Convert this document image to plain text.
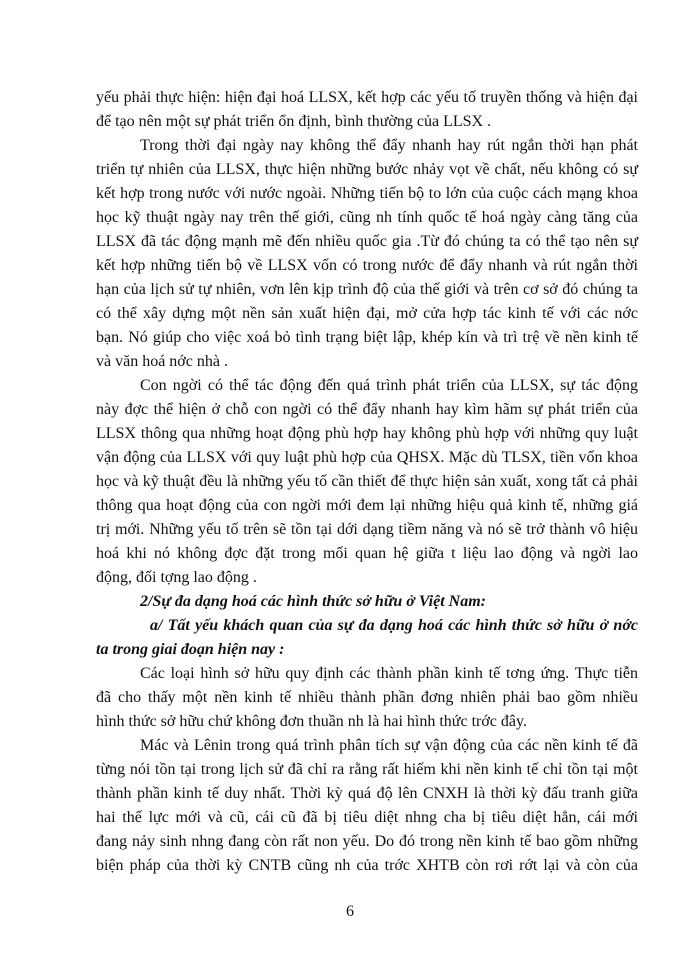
yếu phải thực hiện: hiện đại hoá LLSX, kết hợp các yếu tố truyền thống và hiện đại
để tạo nên một sự phát triển ổn định, bình thường của LLSX .
Trong thời đại ngày nay không thể đẩy nhanh hay rút ngắn thời hạn phát
triển tự nhiên của LLSX, thực hiện những bước nhảy vọt về chất, nếu không có sự
kết hợp trong nước với nước ngoài. Những tiến bộ to lớn của cuộc cách mạng khoa
học kỹ thuật ngày nay trên thế giới, cũng nh tính quốc tế hoá ngày càng tăng của
LLSX đã tác động mạnh mẽ đến nhiều quốc gia .Từ đó chúng ta có thể tạo nên sự
kết hợp những tiến bộ về LLSX vốn có trong nước để đẩy nhanh và rút ngắn thời
hạn của lịch sử tự nhiên, vơn lên kịp trình độ của thế giới và trên cơ sở đó chúng ta
có thể xây dựng một nền sản xuất hiện đại, mở cửa hợp tác kinh tế với các nớc
bạn. Nó giúp cho việc xoá bỏ tình trạng biệt lập, khép kín và trì trệ về nền kinh tế
và văn hoá nớc nhà .
Con ngời có thể tác động đến quá trình phát triển của LLSX, sự tác động
này đợc thể hiện ở chỗ con ngời có thể đẩy nhanh hay kìm hãm sự phát triển của
LLSX thông qua những hoạt động phù hợp hay không phù hợp với những quy luật
vận động của LLSX với quy luật phù hợp của QHSX. Mặc dù TLSX, tiền vốn khoa
học và kỹ thuật đều là những yếu tố cần thiết để thực hiện sản xuất, xong tất cả phải
thông qua hoạt động của con ngời mới đem lại những hiệu quả kinh tế, những giá
trị mới. Những yếu tố trên sẽ tồn tại dới dạng tiềm năng và nó sẽ trở thành vô hiệu
hoá khi nó không đợc đặt trong mối quan hệ giữa t liệu lao động và ngời lao
động, đối tợng lao động .
2/Sự đa dạng hoá các hình thức sở hữu ở Việt Nam:
a/ Tất yếu khách quan của sự đa dạng hoá các hình thức sở hữu ở nớc
ta trong giai đoạn hiện nay :
Các loại hình sở hữu quy định các thành phần kinh tế tơng ứng. Thực tiễn
đã cho thấy một nền kinh tế nhiều thành phần đơng nhiên phải bao gồm nhiều
hình thức sở hữu chứ không đơn thuần nh là hai hình thức trớc đây.
Mác và Lênin trong quá trình phân tích sự vận động của các nền kinh tế đã
từng nói tồn tại trong lịch sử đã chỉ ra rằng rất hiếm khi nền kinh tế chỉ tồn tại một
thành phần kinh tế duy nhất. Thời kỳ quá độ lên CNXH là thời kỳ đấu tranh giữa
hai thế lực mới và cũ, cái cũ đã bị tiêu diệt nhng cha bị tiêu diệt hẳn, cái mới
đang nảy sinh nhng đang còn rất non yếu. Do đó trong nền kinh tế bao gồm những
biện pháp của thời kỳ CNTB cũng nh của trớc XHTB còn rơi rớt lại và còn của
6
